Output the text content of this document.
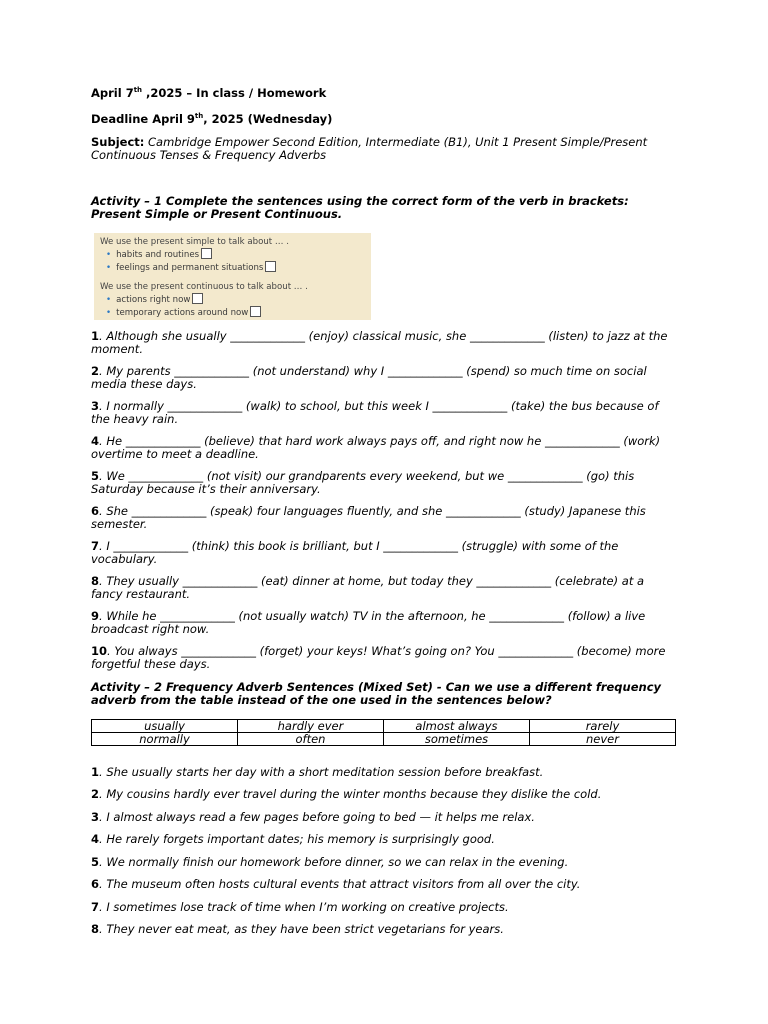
April 7th ,2025 – In class / Homework
Deadline April 9th, 2025 (Wednesday)
Subject: Cambridge Empower Second Edition, Intermediate (B1), Unit 1 Present Simple/Present Continuous Tenses & Frequency Adverbs
Activity – 1 Complete the sentences using the correct form of the verb in brackets: Present Simple or Present Continuous.
We use the present simple to talk about … .
• habits and routines
• feelings and permanent situations
We use the present continuous to talk about … .
• actions right now
• temporary actions around now
1. Although she usually _____________ (enjoy) classical music, she _____________ (listen) to jazz at the moment.
2. My parents _____________ (not understand) why I _____________ (spend) so much time on social media these days.
3. I normally _____________ (walk) to school, but this week I _____________ (take) the bus because of the heavy rain.
4. He _____________ (believe) that hard work always pays off, and right now he _____________ (work) overtime to meet a deadline.
5. We _____________ (not visit) our grandparents every weekend, but we _____________ (go) this Saturday because it’s their anniversary.
6. She _____________ (speak) four languages fluently, and she _____________ (study) Japanese this semester.
7. I _____________ (think) this book is brilliant, but I _____________ (struggle) with some of the vocabulary.
8. They usually _____________ (eat) dinner at home, but today they _____________ (celebrate) at a fancy restaurant.
9. While he _____________ (not usually watch) TV in the afternoon, he _____________ (follow) a live broadcast right now.
10. You always _____________ (forget) your keys! What’s going on? You _____________ (become) more forgetful these days.
Activity – 2 Frequency Adverb Sentences (Mixed Set) - Can we use a different frequency adverb from the table instead of the one used in the sentences below?
usually	hardly ever	almost always	rarely
normally	often	sometimes	never
1. She usually starts her day with a short meditation session before breakfast.
2. My cousins hardly ever travel during the winter months because they dislike the cold.
3. I almost always read a few pages before going to bed — it helps me relax.
4. He rarely forgets important dates; his memory is surprisingly good.
5. We normally finish our homework before dinner, so we can relax in the evening.
6. The museum often hosts cultural events that attract visitors from all over the city.
7. I sometimes lose track of time when I’m working on creative projects.
8. They never eat meat, as they have been strict vegetarians for years.
